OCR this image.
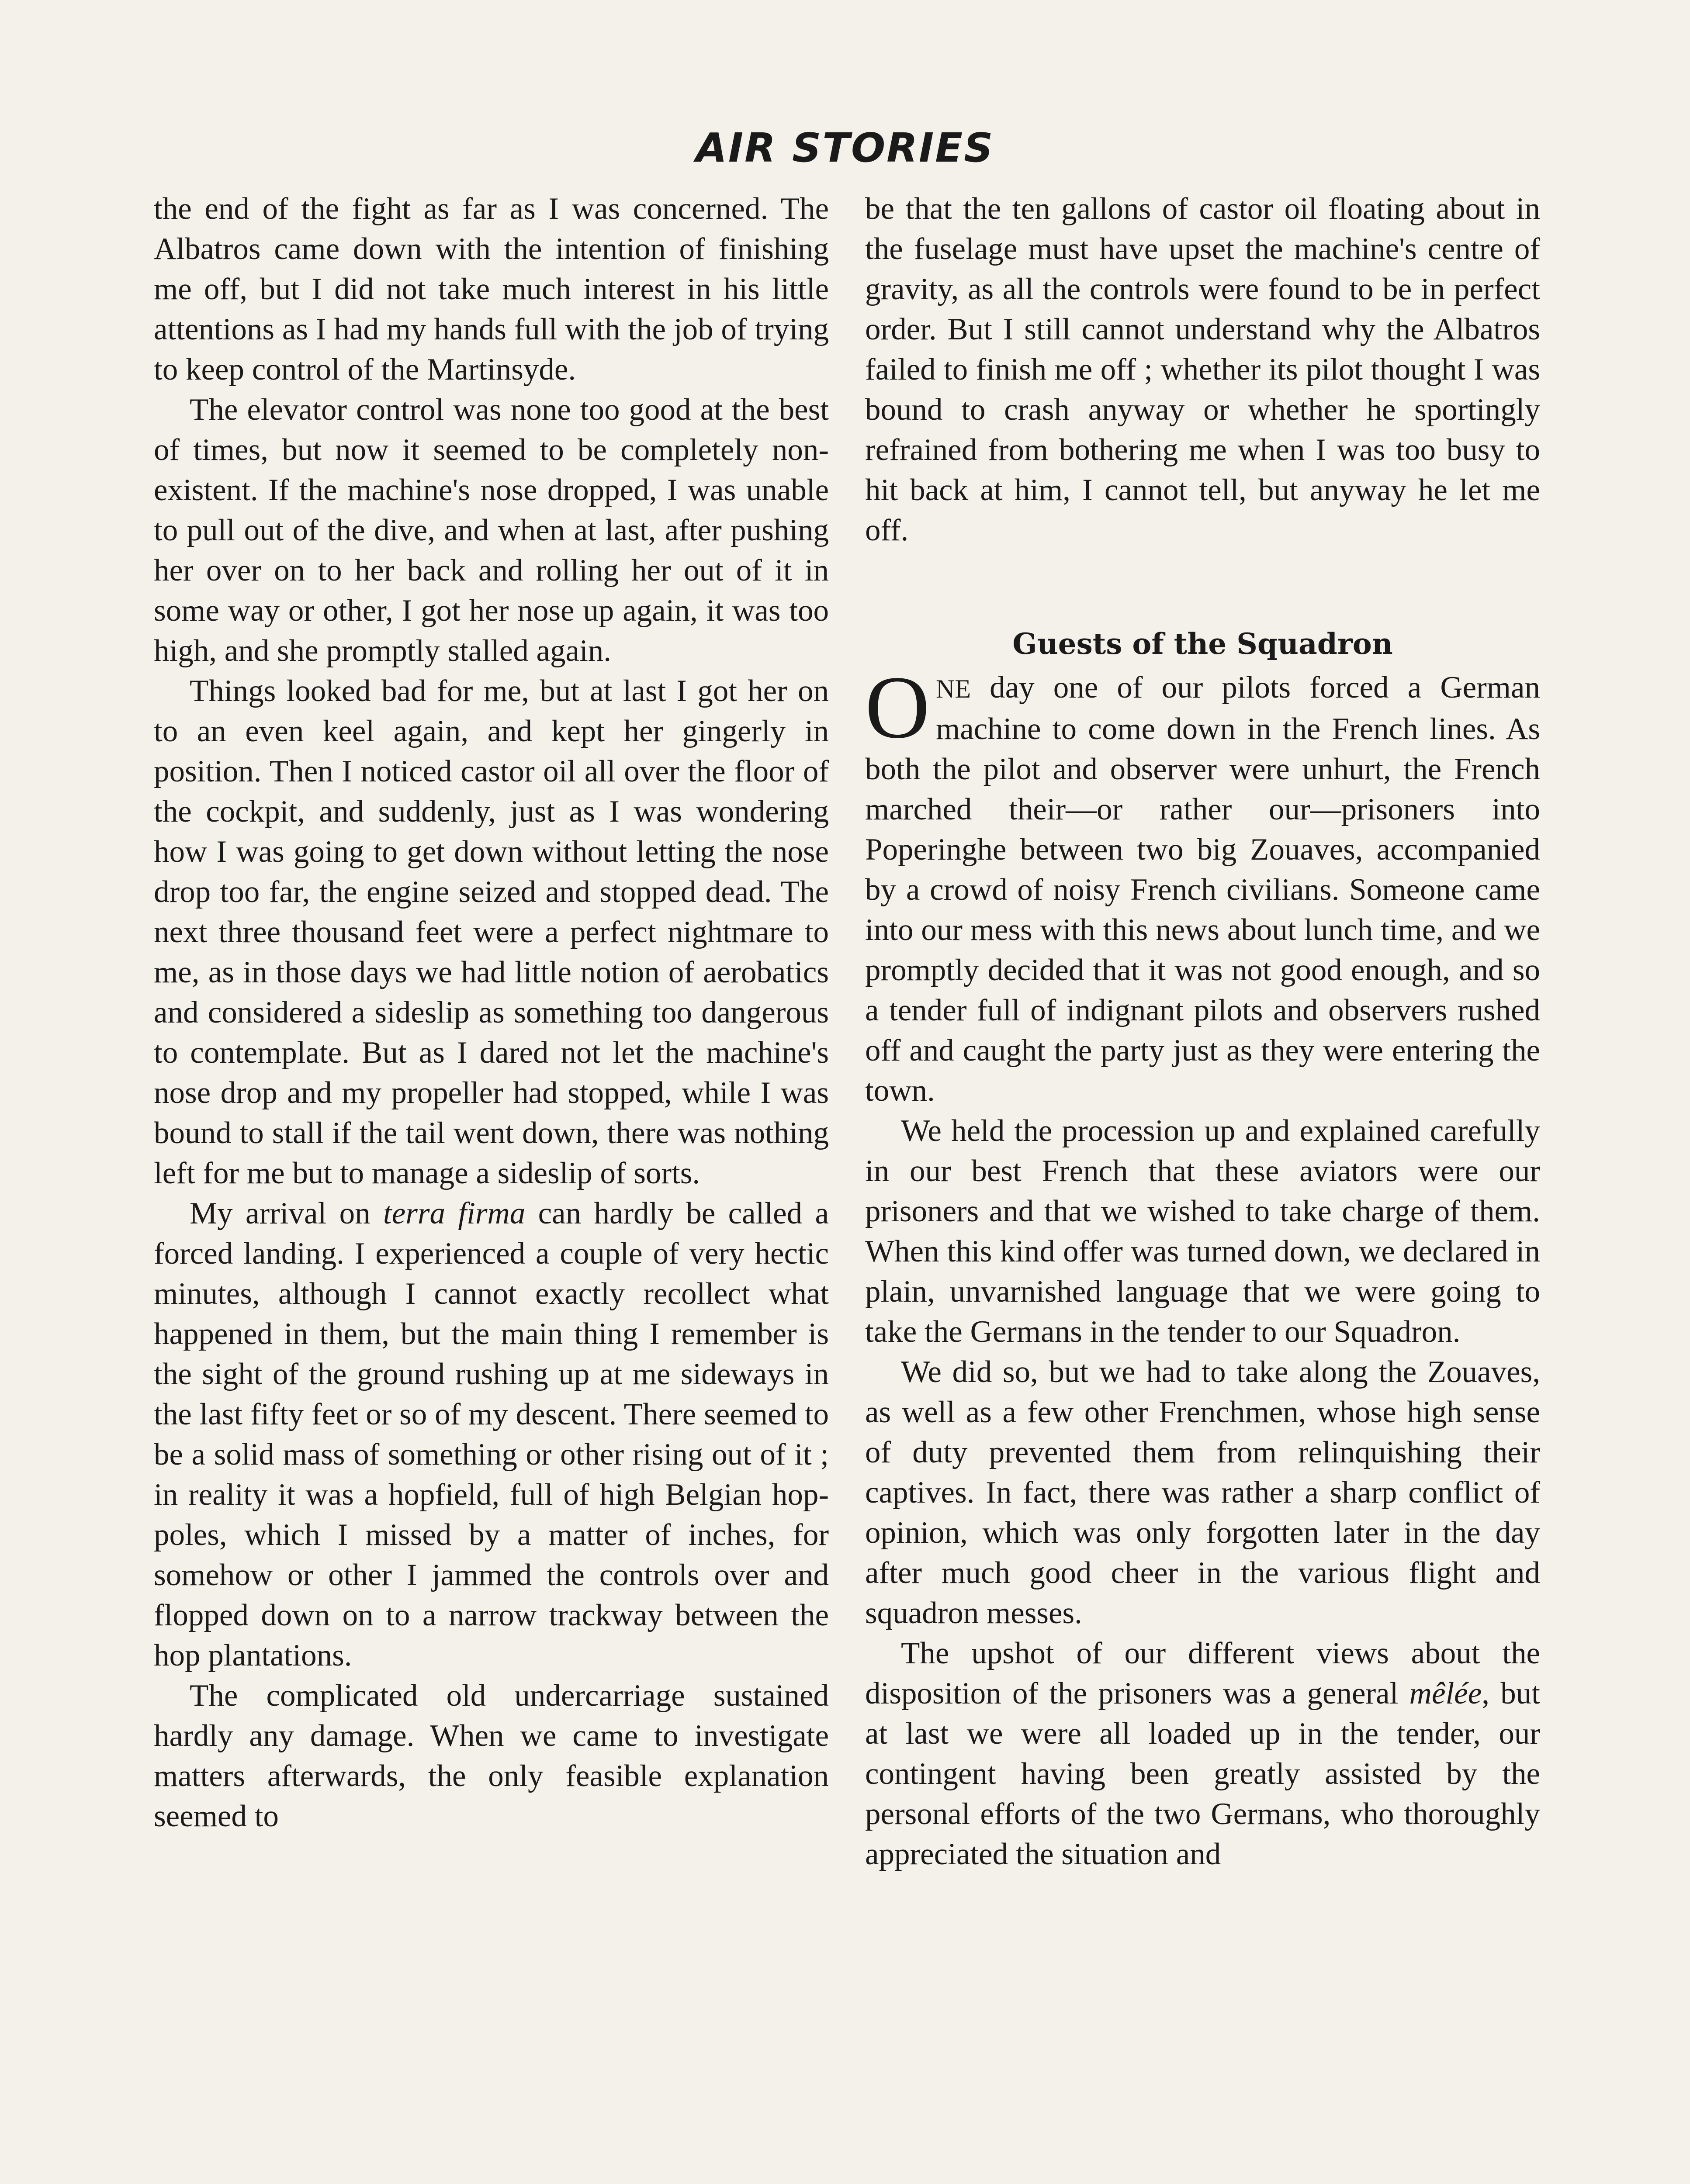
AIR STORIES

the end of the fight as far as I was concerned. The Albatros came down with the intention of finishing me off, but I did not take much interest in his little attentions as I had my hands full with the job of trying to keep control of the Martinsyde.

The elevator control was none too good at the best of times, but now it seemed to be completely non-existent. If the machine's nose dropped, I was unable to pull out of the dive, and when at last, after pushing her over on to her back and rolling her out of it in some way or other, I got her nose up again, it was too high, and she promptly stalled again.

Things looked bad for me, but at last I got her on to an even keel again, and kept her gingerly in position. Then I noticed castor oil all over the floor of the cockpit, and suddenly, just as I was wondering how I was going to get down without letting the nose drop too far, the engine seized and stopped dead. The next three thousand feet were a perfect nightmare to me, as in those days we had little notion of aerobatics and considered a sideslip as something too dangerous to contemplate. But as I dared not let the machine's nose drop and my propeller had stopped, while I was bound to stall if the tail went down, there was nothing left for me but to manage a sideslip of sorts.

My arrival on terra firma can hardly be called a forced landing. I experienced a couple of very hectic minutes, although I cannot exactly recollect what happened in them, but the main thing I remember is the sight of the ground rushing up at me sideways in the last fifty feet or so of my descent. There seemed to be a solid mass of something or other rising out of it ; in reality it was a hopfield, full of high Belgian hop-poles, which I missed by a matter of inches, for somehow or other I jammed the controls over and flopped down on to a narrow trackway between the hop plantations.

The complicated old undercarriage sustained hardly any damage. When we came to investigate matters afterwards, the only feasible explanation seemed to

be that the ten gallons of castor oil floating about in the fuselage must have upset the machine's centre of gravity, as all the controls were found to be in perfect order. But I still cannot understand why the Albatros failed to finish me off ; whether its pilot thought I was bound to crash anyway or whether he sportingly refrained from bothering me when I was too busy to hit back at him, I cannot tell, but anyway he let me off.

Guests of the Squadron

ONE day one of our pilots forced a German machine to come down in the French lines. As both the pilot and observer were unhurt, the French marched their—or rather our—prisoners into Poperinghe between two big Zouaves, accompanied by a crowd of noisy French civilians. Someone came into our mess with this news about lunch time, and we promptly decided that it was not good enough, and so a tender full of indignant pilots and observers rushed off and caught the party just as they were entering the town.

We held the procession up and explained carefully in our best French that these aviators were our prisoners and that we wished to take charge of them. When this kind offer was turned down, we declared in plain, unvarnished language that we were going to take the Germans in the tender to our Squadron.

We did so, but we had to take along the Zouaves, as well as a few other Frenchmen, whose high sense of duty prevented them from relinquishing their captives. In fact, there was rather a sharp conflict of opinion, which was only forgotten later in the day after much good cheer in the various flight and squadron messes.

The upshot of our different views about the disposition of the prisoners was a general mêlée, but at last we were all loaded up in the tender, our contingent having been greatly assisted by the personal efforts of the two Germans, who thoroughly appreciated the situation and
